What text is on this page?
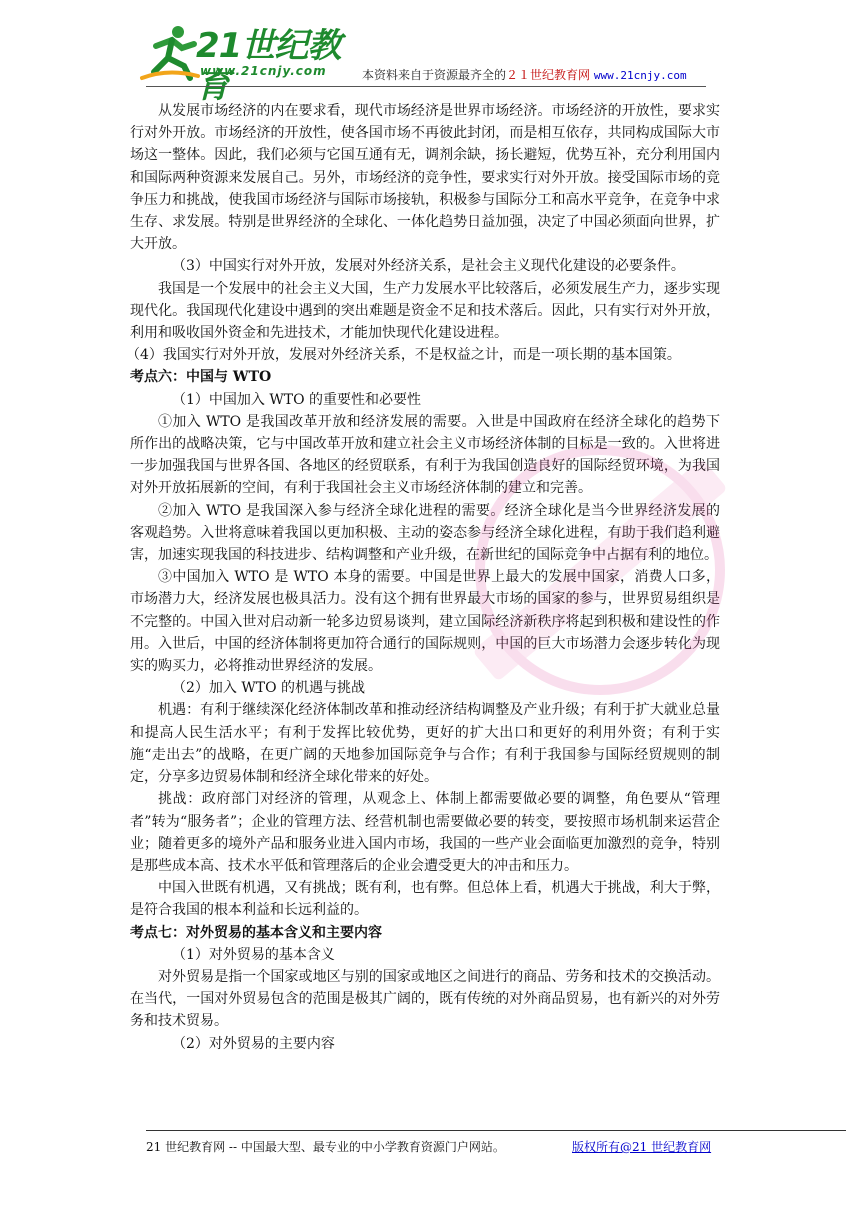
21世纪教育
www.21cnjy.com	本资料来自于资源最齐全的２１世纪教育网 www.21cnjy.com

从发展市场经济的内在要求看，现代市场经济是世界市场经济。市场经济的开放性，要求实行对外开放。市场经济的开放性，使各国市场不再彼此封闭，而是相互依存，共同构成国际大市场这一整体。因此，我们必须与它国互通有无，调剂余缺，扬长避短，优势互补，充分利用国内和国际两种资源来发展自己。另外，市场经济的竞争性，要求实行对外开放。接受国际市场的竞争压力和挑战，使我国市场经济与国际市场接轨，积极参与国际分工和高水平竞争，在竞争中求生存、求发展。特别是世界经济的全球化、一体化趋势日益加强，决定了中国必须面向世界，扩大开放。

（3）中国实行对外开放，发展对外经济关系，是社会主义现代化建设的必要条件。

我国是一个发展中的社会主义大国，生产力发展水平比较落后，必须发展生产力，逐步实现现代化。我国现代化建设中遇到的突出难题是资金不足和技术落后。因此，只有实行对外开放，利用和吸收国外资金和先进技术，才能加快现代化建设进程。

（4）我国实行对外开放，发展对外经济关系，不是权益之计，而是一项长期的基本国策。

考点六：中国与 WTO

（1）中国加入 WTO 的重要性和必要性

①加入 WTO 是我国改革开放和经济发展的需要。入世是中国政府在经济全球化的趋势下所作出的战略决策，它与中国改革开放和建立社会主义市场经济体制的目标是一致的。入世将进一步加强我国与世界各国、各地区的经贸联系，有利于为我国创造良好的国际经贸环境，为我国对外开放拓展新的空间，有利于我国社会主义市场经济体制的建立和完善。

②加入 WTO 是我国深入参与经济全球化进程的需要。经济全球化是当今世界经济发展的客观趋势。入世将意味着我国以更加积极、主动的姿态参与经济全球化进程，有助于我们趋利避害，加速实现我国的科技进步、结构调整和产业升级，在新世纪的国际竞争中占据有利的地位。

③中国加入 WTO 是 WTO 本身的需要。中国是世界上最大的发展中国家，消费人口多，市场潜力大，经济发展也极具活力。没有这个拥有世界最大市场的国家的参与，世界贸易组织是不完整的。中国入世对启动新一轮多边贸易谈判，建立国际经济新秩序将起到积极和建设性的作用。入世后，中国的经济体制将更加符合通行的国际规则，中国的巨大市场潜力会逐步转化为现实的购买力，必将推动世界经济的发展。

（2）加入 WTO 的机遇与挑战

机遇：有利于继续深化经济体制改革和推动经济结构调整及产业升级；有利于扩大就业总量和提高人民生活水平；有利于发挥比较优势，更好的扩大出口和更好的利用外资；有利于实施“走出去”的战略，在更广阔的天地参加国际竞争与合作；有利于我国参与国际经贸规则的制定，分享多边贸易体制和经济全球化带来的好处。

挑战：政府部门对经济的管理，从观念上、体制上都需要做必要的调整，角色要从“管理者”转为“服务者”；企业的管理方法、经营机制也需要做必要的转变，要按照市场机制来运营企业；随着更多的境外产品和服务业进入国内市场，我国的一些产业会面临更加激烈的竞争，特别是那些成本高、技术水平低和管理落后的企业会遭受更大的冲击和压力。

中国入世既有机遇，又有挑战；既有利，也有弊。但总体上看，机遇大于挑战，利大于弊，是符合我国的根本利益和长远利益的。

考点七：对外贸易的基本含义和主要内容

（1）对外贸易的基本含义

对外贸易是指一个国家或地区与别的国家或地区之间进行的商品、劳务和技术的交换活动。在当代，一国对外贸易包含的范围是极其广阔的，既有传统的对外商品贸易，也有新兴的对外劳务和技术贸易。

（2）对外贸易的主要内容

21 世纪教育网 -- 中国最大型、最专业的中小学教育资源门户网站。	版权所有@21 世纪教育网
